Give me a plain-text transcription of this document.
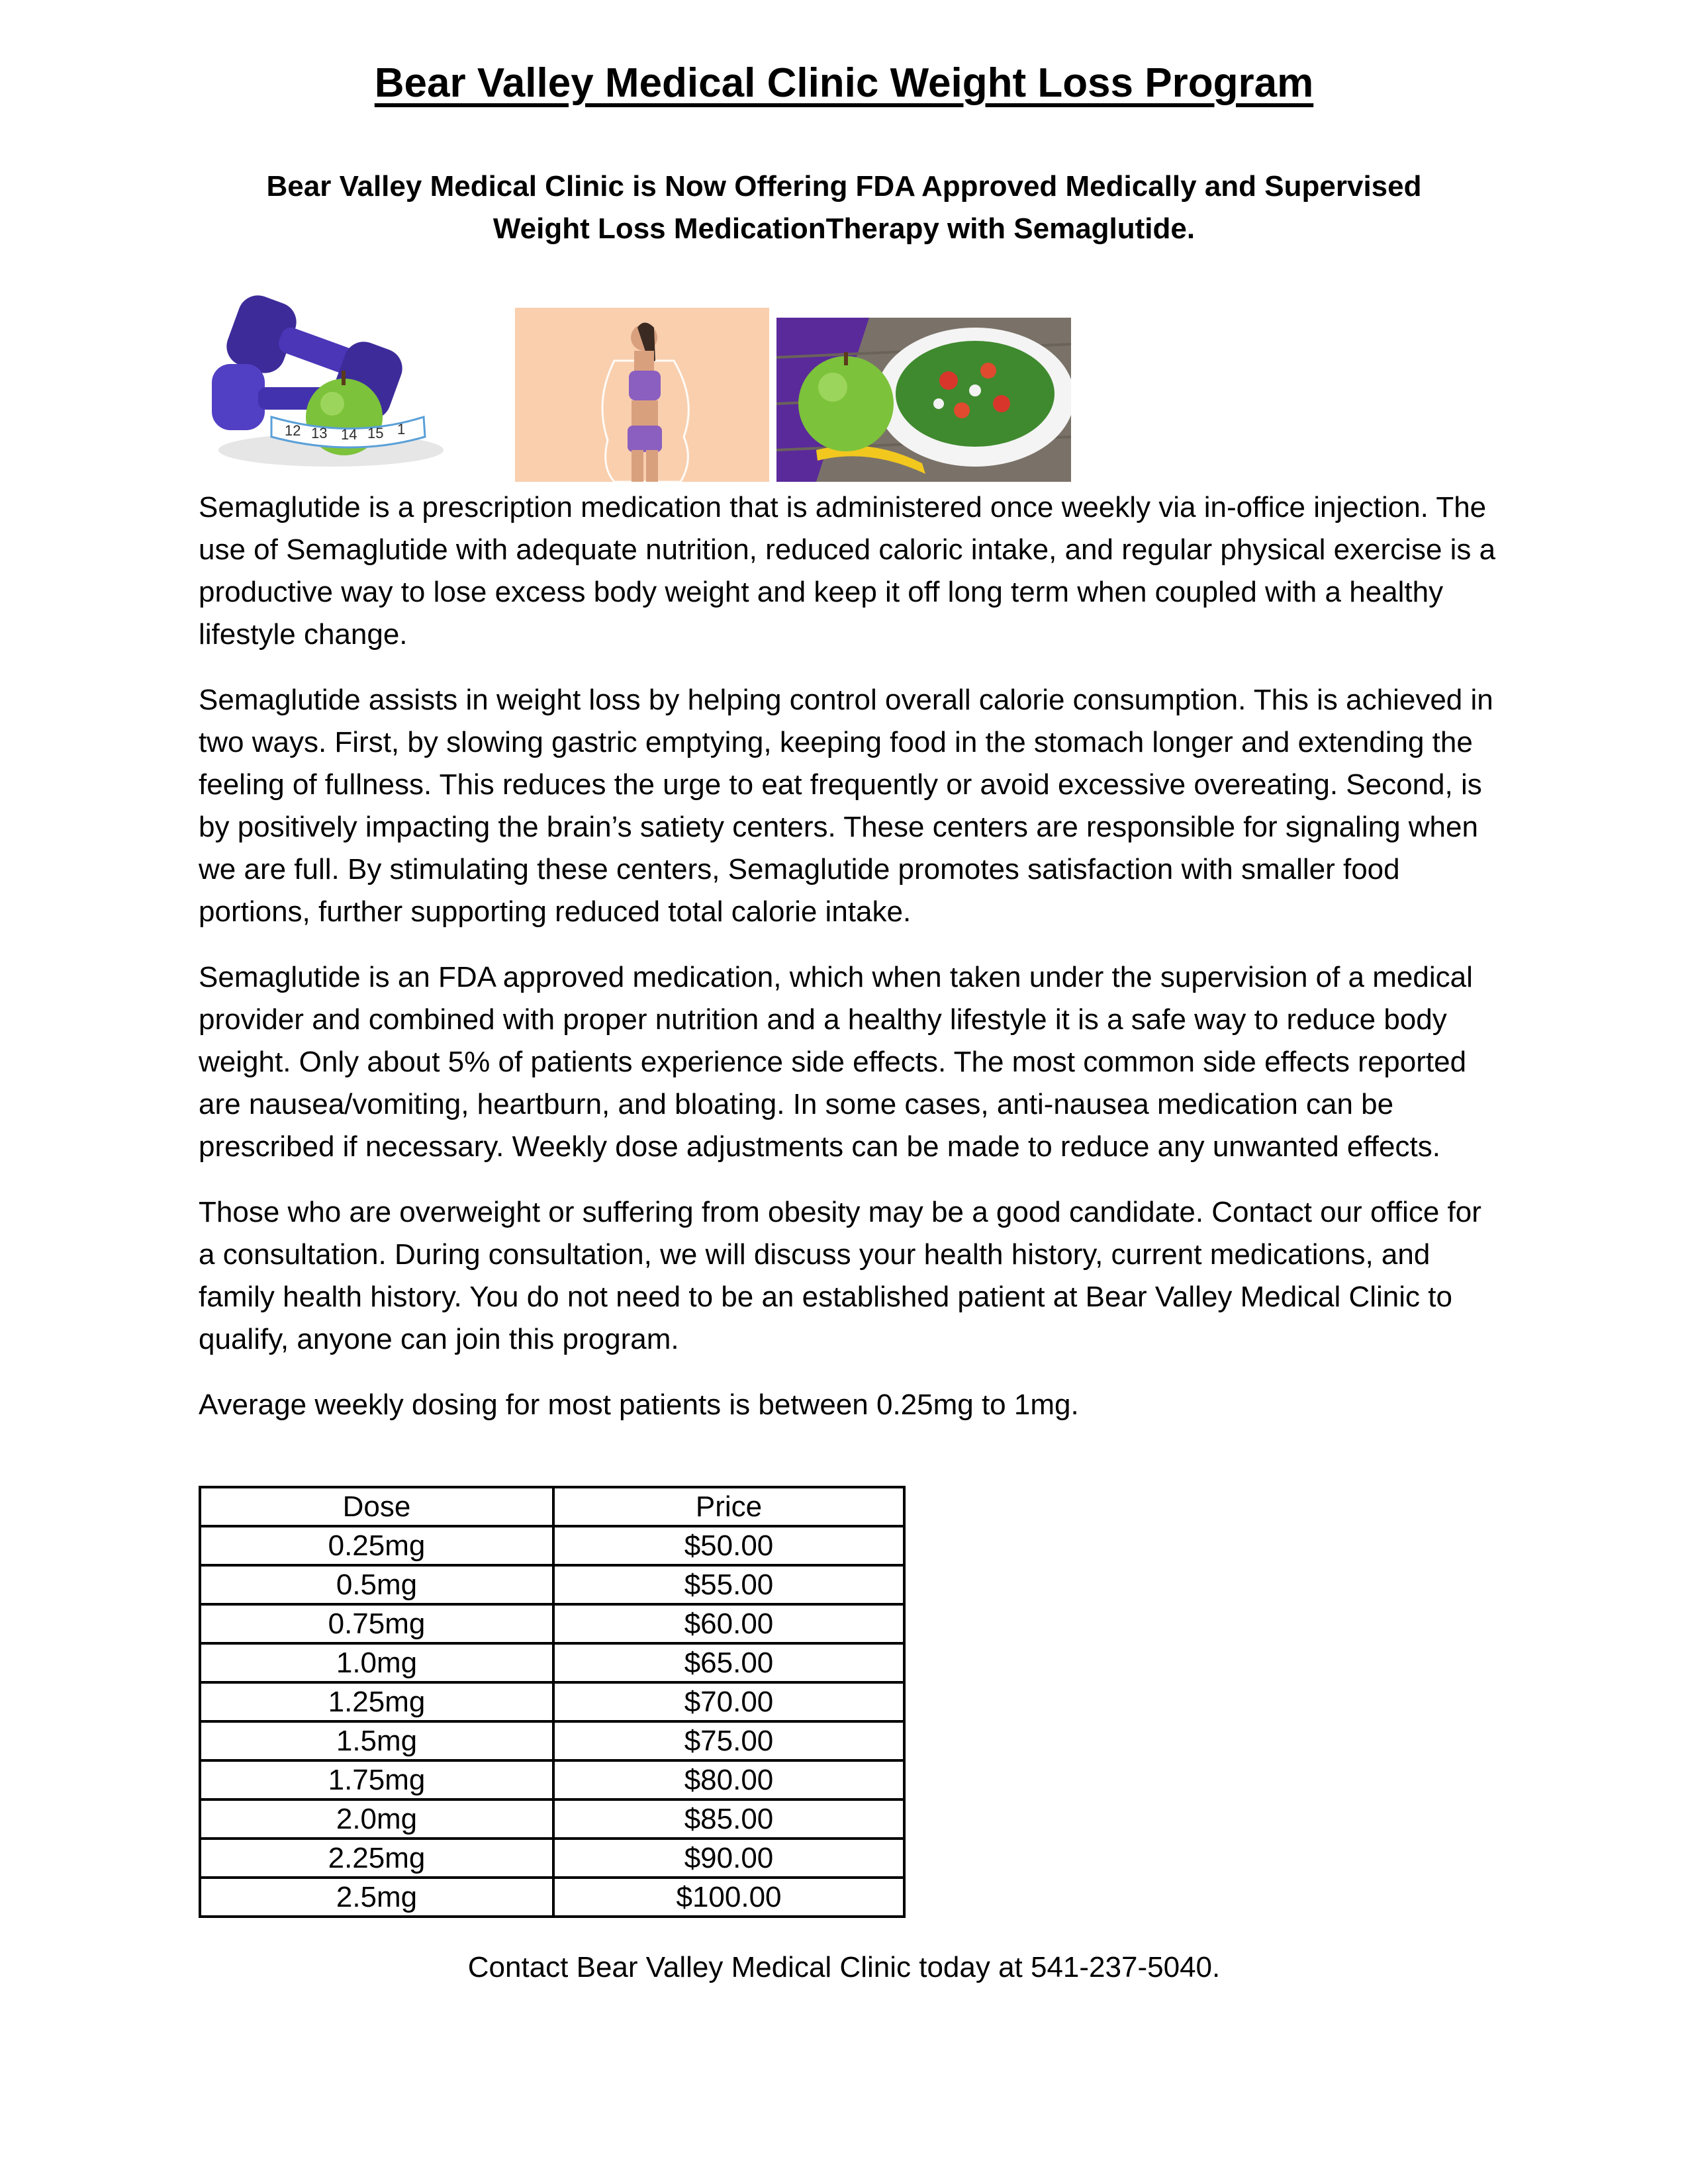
Bear Valley Medical Clinic Weight Loss Program
Bear Valley Medical Clinic is Now Offering FDA Approved Medically and Supervised
Weight Loss MedicationTherapy with Semaglutide.
12 13 14 15 1

Semaglutide is a prescription medication that is administered once weekly via in-office injection. The use of Semaglutide with adequate nutrition, reduced caloric intake, and regular physical exercise is a productive way to lose excess body weight and keep it off long term when coupled with a healthy lifestyle change.

Semaglutide assists in weight loss by helping control overall calorie consumption. This is achieved in two ways. First, by slowing gastric emptying, keeping food in the stomach longer and extending the feeling of fullness. This reduces the urge to eat frequently or avoid excessive overeating. Second, is by positively impacting the brain’s satiety centers. These centers are responsible for signaling when we are full. By stimulating these centers, Semaglutide promotes satisfaction with smaller food portions, further supporting reduced total calorie intake.

Semaglutide is an FDA approved medication, which when taken under the supervision of a medical provider and combined with proper nutrition and a healthy lifestyle it is a safe way to reduce body weight. Only about 5% of patients experience side effects. The most common side effects reported are nausea/vomiting, heartburn, and bloating. In some cases, anti-nausea medication can be prescribed if necessary. Weekly dose adjustments can be made to reduce any unwanted effects.

Those who are overweight or suffering from obesity may be a good candidate. Contact our office for a consultation. During consultation, we will discuss your health history, current medications, and family health history. You do not need to be an established patient at Bear Valley Medical Clinic to qualify, anyone can join this program.

Average weekly dosing for most patients is between 0.25mg to 1mg.

Dose	Price
0.25mg	$50.00
0.5mg	$55.00
0.75mg	$60.00
1.0mg	$65.00
1.25mg	$70.00
1.5mg	$75.00
1.75mg	$80.00
2.0mg	$85.00
2.25mg	$90.00
2.5mg	$100.00

Contact Bear Valley Medical Clinic today at 541-237-5040.
